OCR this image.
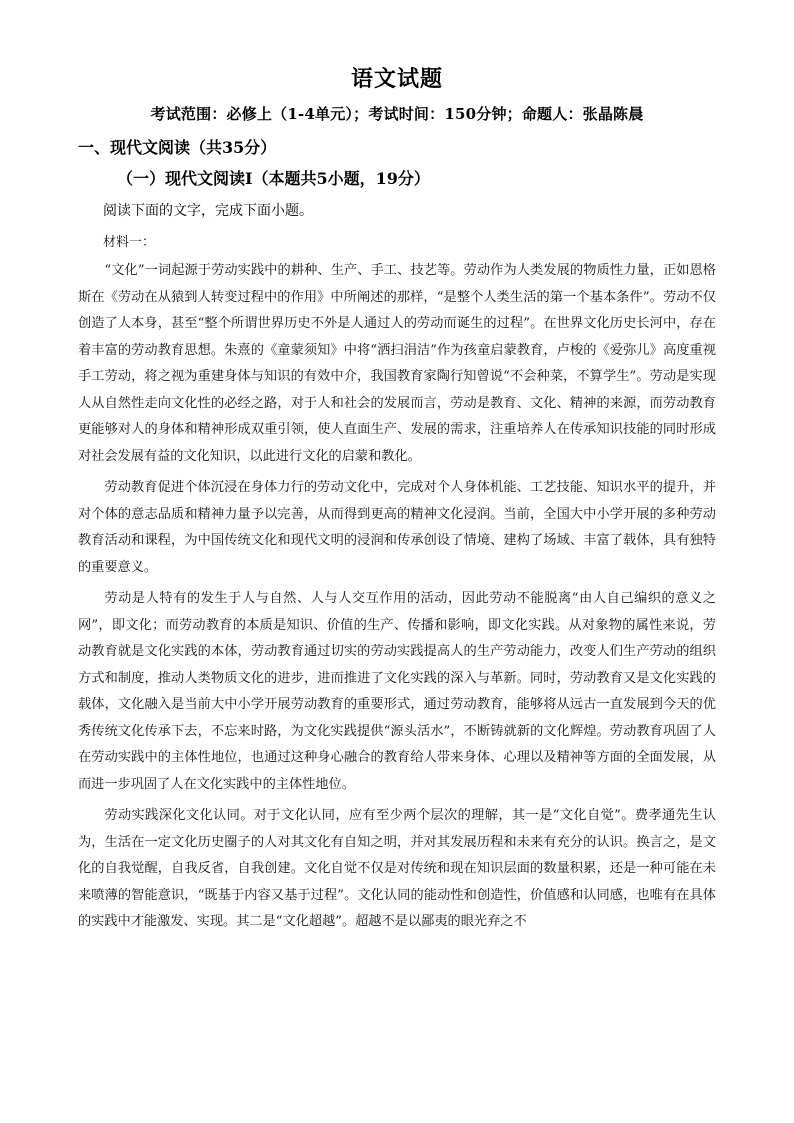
语文试题
考试范围：必修上（1-4单元）；考试时间：150分钟；命题人：张晶陈晨
一、现代文阅读（共35分）
（一）现代文阅读Ⅰ（本题共5小题，19分）
阅读下面的文字，完成下面小题。
材料一：

“文化”一词起源于劳动实践中的耕种、生产、手工、技艺等。劳动作为人类发展的物质性力量，正如恩格斯在《劳动在从猿到人转变过程中的作用》中所阐述的那样，“是整个人类生活的第一个基本条件”。劳动不仅创造了人本身，甚至“整个所谓世界历史不外是人通过人的劳动而诞生的过程”。在世界文化历史长河中，存在着丰富的劳动教育思想。朱熹的《童蒙须知》中将“洒扫涓洁”作为孩童启蒙教育，卢梭的《爱弥儿》高度重视手工劳动，将之视为重建身体与知识的有效中介，我国教育家陶行知曾说“不会种菜，不算学生”。劳动是实现人从自然性走向文化性的必经之路，对于人和社会的发展而言，劳动是教育、文化、精神的来源，而劳动教育更能够对人的身体和精神形成双重引领，使人直面生产、发展的需求，注重培养人在传承知识技能的同时形成对社会发展有益的文化知识，以此进行文化的启蒙和教化。

劳动教育促进个体沉浸在身体力行的劳动文化中，完成对个人身体机能、工艺技能、知识水平的提升，并对个体的意志品质和精神力量予以完善，从而得到更高的精神文化浸润。当前，全国大中小学开展的多种劳动教育活动和课程，为中国传统文化和现代文明的浸润和传承创设了情境、建构了场域、丰富了载体，具有独特的重要意义。

劳动是人特有的发生于人与自然、人与人交互作用的活动，因此劳动不能脱离“由人自己编织的意义之网”，即文化；而劳动教育的本质是知识、价值的生产、传播和影响，即文化实践。从对象物的属性来说，劳动教育就是文化实践的本体，劳动教育通过切实的劳动实践提高人的生产劳动能力，改变人们生产劳动的组织方式和制度，推动人类物质文化的进步，进而推进了文化实践的深入与革新。同时，劳动教育又是文化实践的载体，文化融入是当前大中小学开展劳动教育的重要形式，通过劳动教育，能够将从远古一直发展到今天的优秀传统文化传承下去，不忘来时路，为文化实践提供“源头活水”，不断铸就新的文化辉煌。劳动教育巩固了人在劳动实践中的主体性地位，也通过这种身心融合的教育给人带来身体、心理以及精神等方面的全面发展，从而进一步巩固了人在文化实践中的主体性地位。

劳动实践深化文化认同。对于文化认同，应有至少两个层次的理解，其一是“文化自觉”。费孝通先生认为，生活在一定文化历史圈子的人对其文化有自知之明，并对其发展历程和未来有充分的认识。换言之，是文化的自我觉醒，自我反省，自我创建。文化自觉不仅是对传统和现在知识层面的数量积累，还是一种可能在未来喷薄的智能意识，“既基于内容又基于过程”。文化认同的能动性和创造性，价值感和认同感，也唯有在具体的实践中才能激发、实现。其二是“文化超越”。超越不是以鄙夷的眼光弃之不
